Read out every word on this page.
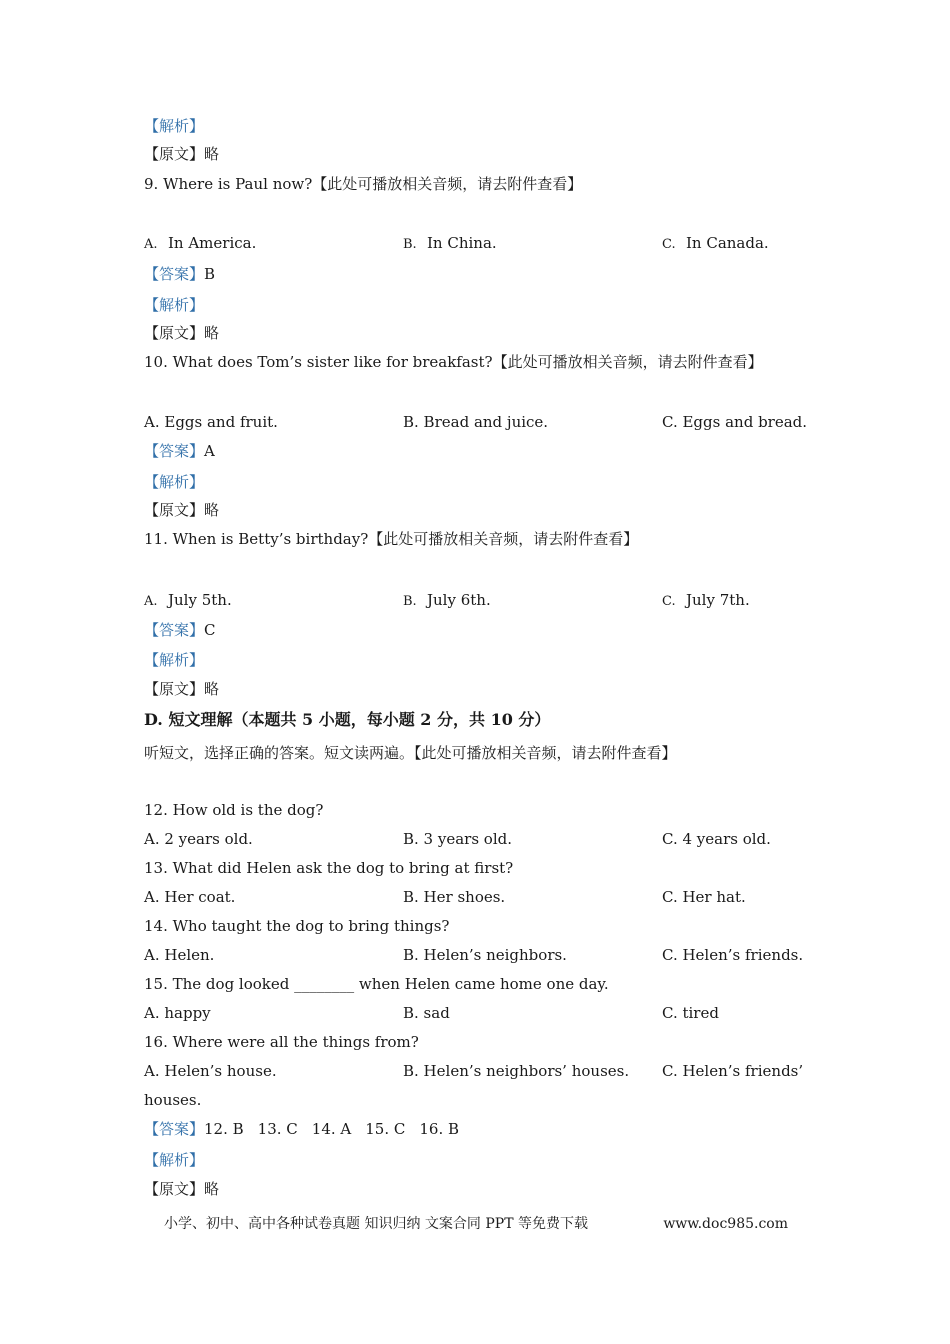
【解析】
【原文】略
9. Where is Paul now?【此处可播放相关音频，请去附件查看】
A. In America.	B. In China.	C. In Canada.
【答案】B
【解析】
【原文】略
10. What does Tom’s sister like for breakfast?【此处可播放相关音频，请去附件查看】
A. Eggs and fruit.	B. Bread and juice.	C. Eggs and bread.
【答案】A
【解析】
【原文】略
11. When is Betty’s birthday?【此处可播放相关音频，请去附件查看】
A. July 5th.	B. July 6th.	C. July 7th.
【答案】C
【解析】
【原文】略
D. 短文理解（本题共 5 小题，每小题 2 分，共 10 分）
听短文，选择正确的答案。短文读两遍。【此处可播放相关音频，请去附件查看】
12. How old is the dog?
A. 2 years old.	B. 3 years old.	C. 4 years old.
13. What did Helen ask the dog to bring at first?
A. Her coat.	B. Her shoes.	C. Her hat.
14. Who taught the dog to bring things?
A. Helen.	B. Helen’s neighbors.	C. Helen’s friends.
15. The dog looked ________ when Helen came home one day.
A. happy	B. sad	C. tired
16. Where were all the things from?
A. Helen’s house.	B. Helen’s neighbors’ houses. C. Helen’s friends’
houses.
【答案】12. B 13. C 14. A 15. C 16. B
【解析】
【原文】略
小学、初中、高中各种试卷真题 知识归纳 文案合同 PPT 等免费下载	www.doc985.com
